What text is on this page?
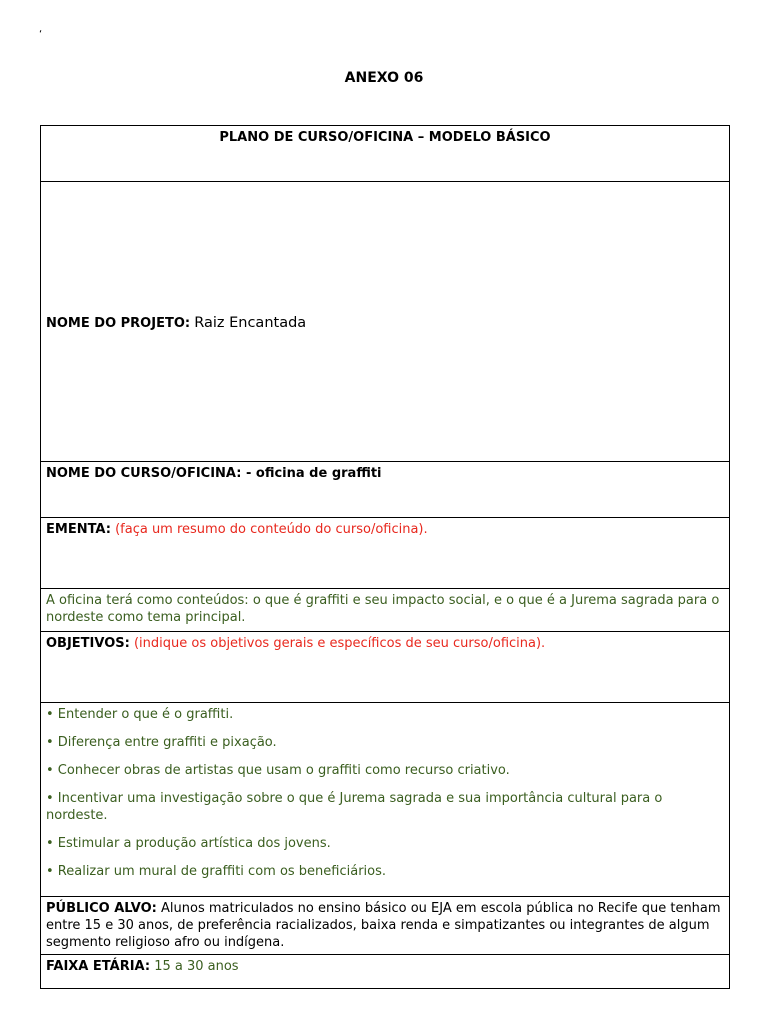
‘
ANEXO 06
PLANO DE CURSO/OFICINA – MODELO BÁSICO
NOME DO PROJETO: Raiz Encantada
NOME DO CURSO/OFICINA: - oficina de graffiti
EMENTA: (faça um resumo do conteúdo do curso/oficina).
A oficina terá como conteúdos: o que é graffiti e seu impacto social, e o que é a Jurema sagrada para o nordeste como tema principal.
OBJETIVOS: (indique os objetivos gerais e específicos de seu curso/oficina).

• Entender o que é o graffiti.
• Diferença entre graffiti e pixação.
• Conhecer obras de artistas que usam o graffiti como recurso criativo.
• Incentivar uma investigação sobre o que é Jurema sagrada e sua importância cultural para o nordeste.
• Estimular a produção artística dos jovens.
• Realizar um mural de graffiti com os beneficiários.

PÚBLICO ALVO: Alunos matriculados no ensino básico ou EJA em escola pública no Recife que tenham entre 15 e 30 anos, de preferência racializados, baixa renda e simpatizantes ou integrantes de algum segmento religioso afro ou indígena.
FAIXA ETÁRIA: 15 a 30 anos
